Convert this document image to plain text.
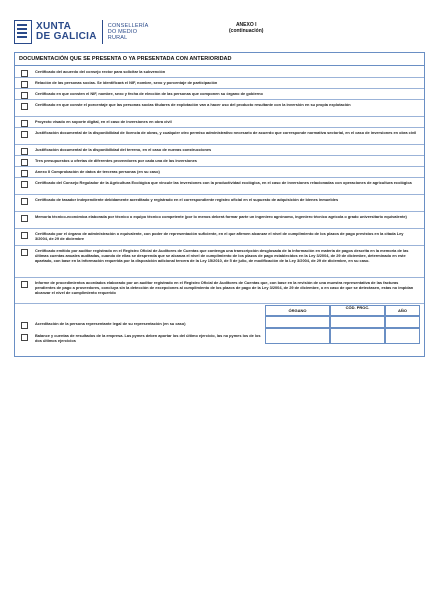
XUNTA
DE GALICIA
CONSELLERÍA
DO MEDIO
RURAL
ANEXO I
(continuación)
DOCUMENTACIÓN QUE SE PRESENTA O YA PRESENTADA CON ANTERIORIDAD
Certificado del acuerdo del consejo rector para solicitar la subvención
Relación de las personas socias. Se identificará el NIF, nombre, sexo y porcentaje de participación
Certificado en que consten el NIF, nombre, sexo y fecha de elección de las personas que componen su órgano de gobierno
Certificado en que conste el porcentaje que las personas socias titulares de explotación van a hacer uso del producto resultante con la inversión en su propia explotación
Proyecto visado en soporte digital, en el caso de inversiones en obra civil
Justificación documental de la disponibilidad de licencia de obras, y cualquier otro permiso administrativo necesario de acuerdo que corresponde normativa sectorial, en el caso de inversiones en obra civil
Justificación documental de la disponibilidad del terreno, en el caso de nuevas construcciones
Tres presupuestos u ofertas de diferentes proveedores por cada una de las inversiones
Anexo II Comprobación de datos de terceras personas (en su caso)
Certificado del Consejo Regulador de la Agricultura Ecológica que vincule las inversiones con la productividad ecológica, en el caso de inversiones relacionadas con operaciones de agricultura ecológica
Certificado de tasador independiente debidamente acreditado y registrado en el correspondiente registro oficial en el supuesto de adquisición de bienes inmuebles
Memoria técnico-económica elaborada por técnico o equipo técnico competente (por lo menos deberá formar parte un ingeniero agrónomo, ingeniero técnico agrícola o grado universitario equivalente)
Certificado por el órgano de administración o equivalente, con poder de representación suficiente, en el que afirmen alcanzar el nivel de cumplimiento de los plazos de pago previstos en la citada Ley 3/2004, de 29 de diciembre
Certificado emitido por auditor registrado en el Registro Oficial de Auditores de Cuentas que contenga una transcripción desglosada de la información en materia de pagos descrita en la memoria de las últimas cuentas anuales auditadas, cuando de ellas se desprenda que se alcanza el nivel de cumplimiento de los plazos de pago establecidos en la Ley 3/2004, de 29 de diciembre, determinado en este apartado, con base en la información requerida por la disposición adicional tercera de la Ley 15/2010, de 5 de julio, de modificación de la Ley 3/2004, de 29 de diciembre, en su caso.
Informe de procedimientos acordados elaborado por un auditor registrado en el Registro Oficial de Auditores de Cuentas que, con base en la revisión de una muestra representativa de las facturas pendientes de pago a proveedores, concluya sin la detección de excepciones al cumplimiento de los plazos de pago de la Ley 3/2004, de 29 de diciembre, o en caso de que se detectasen, estas no impidan alcanzar el nivel de cumplimiento requerido
ÓRGANO
CÓD. PROC.
AÑO
Acreditación de la persona representante legal de su representación (en su caso)
Balance y cuentas de resultados de la empresa. Las pymes deben aportar los del último ejercicio, las no pymes los de los dos últimos ejercicios
